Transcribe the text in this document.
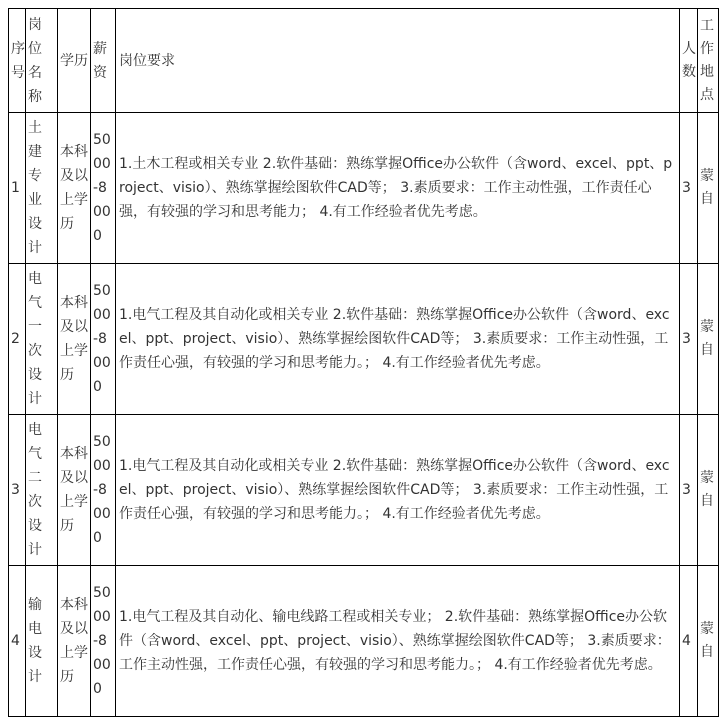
序号	岗位名称	学历	薪资	岗位要求	人数	工作地点
1	土建专业设计	本科及以上学历	5000-8000	1.土木工程或相关专业 2.软件基础：熟练掌握Office办公软件（含word、excel、ppt、project、visio）、熟练掌握绘图软件CAD等； 3.素质要求：工作主动性强，工作责任心强，有较强的学习和思考能力； 4.有工作经验者优先考虑。	3	蒙自
2	电气一次设计	本科及以上学历	5000-8000	1.电气工程及其自动化或相关专业 2.软件基础：熟练掌握Office办公软件（含word、excel、ppt、project、visio）、熟练掌握绘图软件CAD等； 3.素质要求：工作主动性强，工作责任心强，有较强的学习和思考能力。； 4.有工作经验者优先考虑。	3	蒙自
3	电气二次设计	本科及以上学历	5000-8000	1.电气工程及其自动化或相关专业 2.软件基础：熟练掌握Office办公软件（含word、excel、ppt、project、visio）、熟练掌握绘图软件CAD等； 3.素质要求：工作主动性强，工作责任心强，有较强的学习和思考能力。； 4.有工作经验者优先考虑。	3	蒙自
4	输电设计	本科及以上学历	5000-8000	1.电气工程及其自动化、输电线路工程或相关专业； 2.软件基础：熟练掌握Office办公软件（含word、excel、ppt、project、visio）、熟练掌握绘图软件CAD等； 3.素质要求：工作主动性强，工作责任心强，有较强的学习和思考能力。； 4.有工作经验者优先考虑。	4	蒙自
